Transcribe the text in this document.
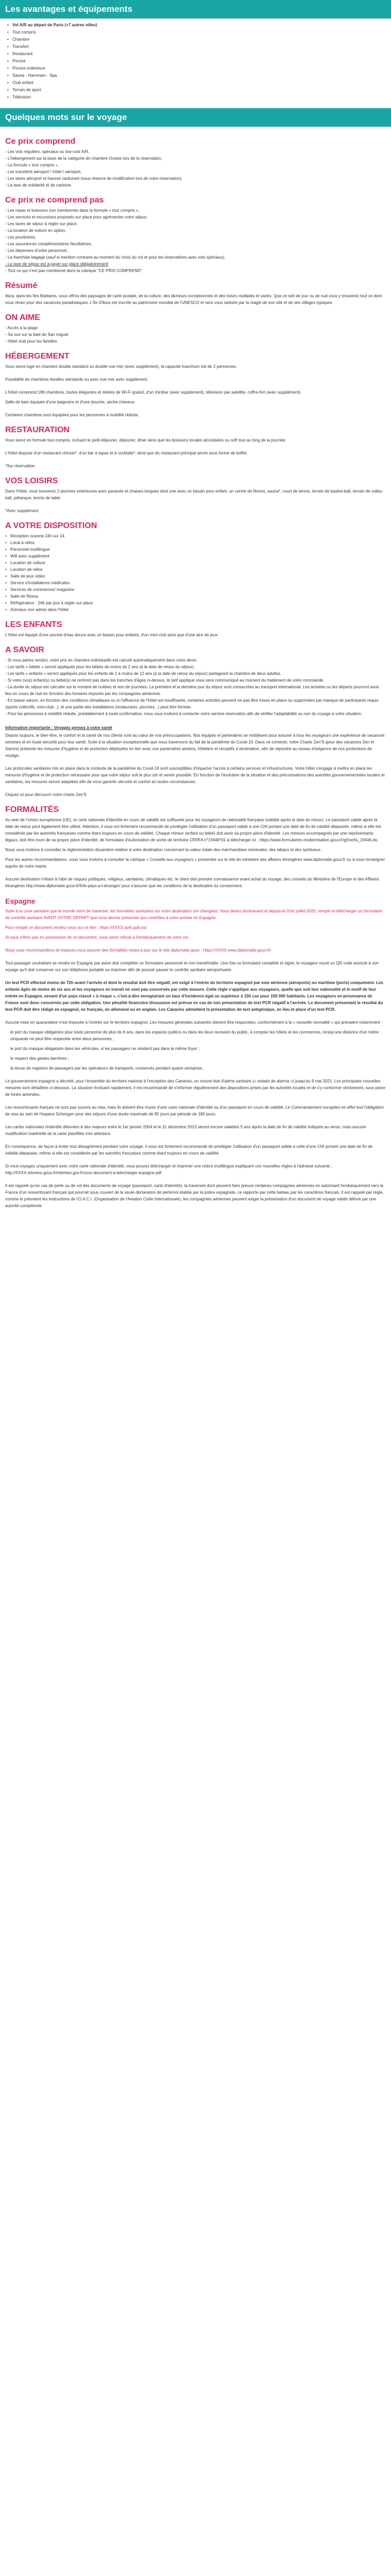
Les avantages et équipements
• Vol A/R au départ de Paris (+7 autres villes)
• Tout compris
• Chambre
• Transfert
• Restaurant
• Piscine
• Piscine extérieure
• Sauna - Hammam - Spa
• Club enfant
• Terrain de sport
• Télévision
Quelques mots sur le voyage
Ce prix comprend

- Les vols réguliers, spéciaux ou low-cost A/R,

- L'hébergement sur la base de la catégorie de chambre choisie lors de la réservation,

- La formule « tout compris »,

- Les transferts aéroport / hôtel / aéroport,

- Les taxes aéroport et hausse carburant (sous réserve de modification lors de votre réservation),

- La taxe de solidarité et de carbone.

Ce prix ne comprend pas

- Les repas et boissons non mentionnés dans la formule « tout compris »,

- Les services et excursions proposés sur place pour agrémenter votre séjour,

- Les taxes de séjour à régler sur place,

- La location de voiture en option,

- Les pourboires,

- Les assurances complémentaires facultatives,

- Les dépenses d'ordre personnel,

- La franchise bagage (sauf si mention contraire au moment du choix du vol et pour les réservations avec vols spéciaux),

- La taxe de séjour est à payer sur place obligatoirement

- Tout ce qui n'est pas mentionné dans la rubrique "CE PRIX COMPREND"

Résumé

Ibiza, dans les îles Baléares, vous offrira des paysages de carte postale, de la culture, des lâcheurs exceptionnels et des loisirs multiples et variés. Que ce soit de jour ou de nuit vous y trouverez tout ce dont vous rêvez pour des vacances paradisiaques. L'île d'Ibiza est inscrite au patrimoine mondial de l'UNESCO et sera vous séduire par la magie de son site et de ses villages typiques.

ON AIME

- Accès à la plage

- Sa vue sur la baie de San miguel

- Hôtel club pour les familles

HÉBERGEMENT

Vous serez logé en chambre double standard ou double vue mer (avec supplément), la capacité maximum est de 2 personnes.

Possibilité de chambres familles standards ou avec vue mer avec supplément.

L'hôtel comprend 196 chambres, toutes élégantes et dotées de Wi-Fi gratuit, d'un minibar (avec supplément), télévision par satellite, coffre-fort (avec supplément).

Salle de bain équipée d'une baignoire et d'une douche, sèche-cheveux.

Certaines chambres sont équipées pour les personnes à mobilité réduite.

RESTAURATION

Vous serez en formule tout compris, incluant le petit-déjeuner, déjeuner, dîner ainsi que les boissons locales alcoolisées ou soft tout au long de la journée.

L'hôtel dispose d'un restaurant chinois*, d'un bar à tapas et à cocktails*, ainsi que du restaurant principal servis sous forme de buffet.

*Sur réservation

VOS LOISIRS

Dans l'hôtel, vous trouverez 2 piscines extérieures avec parasols et chaises longues dont une avec un bassin pour enfant, un centre de fitness, sauna*, court de tennis, terrain de basket-ball, terrain de volley-ball, pétanque, tennis de table.

*Avec supplément

A VOTRE DISPOSITION
• Réception ouverte 24h sur 24
• Local à vélos
• Personnel multilingue
• Wifi avec supplément
• Location de voiture
• Location de vélos
• Salle de jeux vidéo
• Service d'installations médicales
• Services de commerces/ magasins
• Salle de fitness
• Réfrigérateur : 24€ par jour à régler sur place
• Animaux non admis dans l'hôtel
LES ENFANTS

L'hôtel est équipé d'une piscine d'eau douce avec un bassin pour enfants, d'un mini-club ainsi que d'une aire de jeux.

A SAVOIR

- Si vous partez seul(e), votre prix en chambre individuelle est calculé automatiquement dans votre devis.

- Les tarifs « bébés » seront appliqués pour les bébés de moins de 2 ans (à la date de retour du séjour).

- Les tarifs « enfants » seront appliqués pour les enfants de 2 à moins de 12 ans (à la date de retour du séjour) partageant la chambre de deux adultes.

- Si votre (vos) enfant(s) ou bébé(s) ne rentrent pas dans les tranches d'âges ci-dessus, le tarif appliqué vous sera communiqué au moment du traitement de votre commande.

- La durée du séjour est calculée sur le nombre de nuitées et non de journées. La première et la dernière jour du séjour sont consacrées au transport international. Les arrivées ou les départs pourront avoir lieu en cours de nuit en fonction des horaires imposés par les compagnies aériennes.

- En basse saison, en fonction des conditions climatiques ou si l'affluence de l'hôtel est insuffisante, certaines activités peuvent ne pas être mises en place ou supprimées par manque de participants requis (sports collectifs, mini-club...), et une partie des installations (restaurants, piscines...) peut être fermée.

- Pour les personnes à mobilité réduite, préalablement à toute confirmation, nous vous invitons à contacter notre service réservation afin de vérifier l'adaptabilité ou non du voyage à votre situation.

Information importante : Voyagez pensez à votre santé

Depuis toujours, le bien-être, le confort et la santé de nos clients sont au cœur de nos préoccupations. Nos équipes et partenaires se mobilisent pour assurer à tous les voyageurs une expérience de vacances sereines et en toute sécurité pour leur santé. Suite à la situation exceptionnelle que nous traversons du fait de la pandémie du Covid-19. Dans ce contexte, notre Charte Zen'S (pour des vacances Zen et Saines) présente les mesures d'hygiène et de protection déployées en lien avec nos partenaires aériens, hôteliers et réceptifs à destination, afin de répondre au niveau d'exigence de nos protections de voyage.

Les protocoles sanitaires mis en place dans le contexte de la pandémie du Covid-19 sont susceptibles d'impacter l'accès à certains services et infrastructures. Votre hôtel s'engage à mettre en place les mesures d'hygiène et de protection nécessaire pour que votre séjour soit le plus sûr et serein possible. En fonction de l'évolution de la situation et des préconisations des autorités gouvernementales locales et sanitaires, les mesures seront adaptées afin de vous garantir sécurité et confort en toutes circonstances.

Cliquez ici pour découvrir notre charte Zen'S

FORMALITÉS

Au sein de l'Union européenne (UE), la carte nationale d'identité en cours de validité est suffisante pour les voyageurs de nationalité française (validité après la date du retour). Le passeport valide après la date de retour peut également être utilisé. Attention, il vous est fortement recommandé de privilégier l'utilisation d'un passeport valide à une CNI portant une date de fin de validité dépassée, même si elle est considérée par les autorités françaises comme étant toujours en cours de validité. Chaque mineur (enfant ou bébé) doit avoir sa propre pièce d'identité. Les mineurs accompagnés par une représentants légaux, doit être muni de sa propre pièce d'identité, de formulaire d'autorisation de sortie de territoire CERFA n°15646*01 à télécharger ici : https://www.formulaires.modernisation.gouv.fr/gf/cerfa_15646.do.

Nous vous invitons à consulter la réglementation douanière relative à votre destination concernant la valeur totale des marchandises nominales, des tabacs et des spiritueux.

Pour les autres recommandations, nous vous invitons à consulter la rubrique « Conseils aux voyageurs » présentée sur le site du ministère des affaires étrangères www.diplomatie.gouv.fr ou à vous renseigner auprès de votre mairie.

Aucune destination n'étant à l'abri de risques politiques, religieux, sanitaires, climatiques etc. le client doit prendre connaissance avant achat du voyage, des conseils du Ministère de l'Europe et des Affaires étrangères http://www.diplomatie.gouv.fr/fr/le-pays-a-l-etranger/ pour s'assurer que les conditions de la destination lui conviennent.

Espagne

Suite à la crise sanitaire que le monde vient de traverser, les formalités sanitaires sur votre destination ont changées. Vous devez dorénavant et depuis le 01er juillet 2020, remplir et télécharger un formulaire de contrôle sanitaire AVANT VOTRE DÉPART que vous devrez présenter aux contrôles à votre arrivée en Espagne.

Pour remplir ce document rendez-vous sur ce lien : https://XXXX.spth.gob.es/

Si vous n'êtes pas en possession de ce document, vous serez refusé à l'embarquement de votre vol.

Nous vous recommandons de toujours vous assurer des formalités mises à jour sur le site diplomatie.gouv : https://XXXX.www.diplomatie.gouv.fr/

Tout passager souhaitant se rendre en Espagne par avion doit compléter un formulaire personnel et non transférable. Une fois ce formulaire complété et signé, le voyageur reçoit un QR code associé à son voyage qu'il doit conserver sur son téléphone portable ou imprimer afin de pouvoir passer le contrôle sanitaire aéroportuaire.

Un test PCR effectué moins de 72h avant l'arrivée et dont le résultat doit être négatif, est exigé à l'entrée du territoire espagnol par voie aérienne (aéroports) ou maritime (ports) uniquement. Les enfants âgés de moins de six ans et les voyageurs en transit ne sont pas concernés par cette mesure. Cette règle s'applique aux voyageurs, quelle que soit leur nationalité et le motif de leur entrée en Espagne, venant d'un pays classé « à risque », c'est-à-dire enregistrant un taux d'incidence égal ou supérieur à 150 cas pour 100 000 habitants. Les voyageurs en provenance de France sont donc concernés par cette obligation. Une pénalité financière dissuasive est prévue en cas de non présentation de test PCR négatif à l'arrivée. Le document présentant le résultat du test PCR doit être rédigé en espagnol, en français, en allemand ou en anglais. Les Canaries admettent la présentation de test antigénique, en lieu et place d'un test PCR.

Aucune mise en quarantaine n'est imposée à l'entrée sur le territoire espagnol. Les mesures générales suivantes doivent être respectées, conformément à la « nouvelle normalité » qui prévalent notamment :

le port du masque obligatoire pour toute personne de plus de 6 ans, dans les espaces publics ou dans les lieux recevant du public, à compter les hôtels et les commerces, lorsqu'une distance d'un mètre cinquante ne peut être respectée entre deux personnes ;

le port du masque obligatoire dans les véhicules, si les passagers ne résident pas dans le même foyer ;

le respect des gestes barrières ;

la tenue de registres de passagers par les opérateurs de transports, conservés pendant quatre semaines.

Le gouvernement espagnol a décrété, pour l'ensemble du territoire national à l'exception des Canaries, un nouvel état d'alerte sanitaire (« estado de alarma ») jusqu'au 9 mai 2021. Les principales nouvelles mesures sont détaillées ci-dessous. La situation évoluant rapidement, il est recommandé de s'informer régulièrement des dispositions prises par les autorités locales et de s'y conformer strictement, sous peine de fortes amendes.

Les ressortissants français ne sont pas soumis au visa, mais ils doivent être munis d'une carte nationale d'identité ou d'un passeport en cours de validité. Le Commandement européen en effet tout l'obligation de visa au sein de l'espace Schengen pour des séjours d'une durée maximale de 90 jours par période de 180 jours.

Les cartes nationales d'identité délivrées à des majeurs entre le 1er janvier 2004 et le 31 décembre 2013 seront encore valables 5 ans après la date de fin de validité indiquée au verso, mais aucune modification matérielle de la carte plastifiée n'en attestera.

En conséquence, de façon à éviter tout désagrément pendant votre voyage, il vous est fortement recommandé de privilégier l'utilisation d'un passeport valide à celle d'une CNI portant une date de fin de validité dépassée, même si elle est considérée par les autorités françaises comme étant toujours en cours de validité.

Si vous voyagez uniquement avec votre carte nationale d'identité, vous pouvez télécharger et imprimer une notice multilingue expliquant ces nouvelles règles à l'adresse suivante : http://XXXX.interieur.gouv.fr/interieur.gov.fr/xxxx-document-a-telecharger-espagne.pdf

Il est rappelé qu'en cas de perte ou de vol des documents de voyage (passeport, carte d'identité), la traversée dont peuvent faire preuve certaines compagnies aériennes en autorisant l'embarquement vers la France d'un ressortissant français qui pourrait sous couvert de la seule déclaration de perte/vol établie par la police espagnole, ce rapporte par cette bateau par les caractères français. Il est rappelé par règle, comme le prévoient les instructions de l'O.A.C.I. (Organisation de l'Aviation Civile Internationale), les compagnies aériennes peuvent exiger la présentation d'un document de voyage valide délivré par une autorité compétente.
